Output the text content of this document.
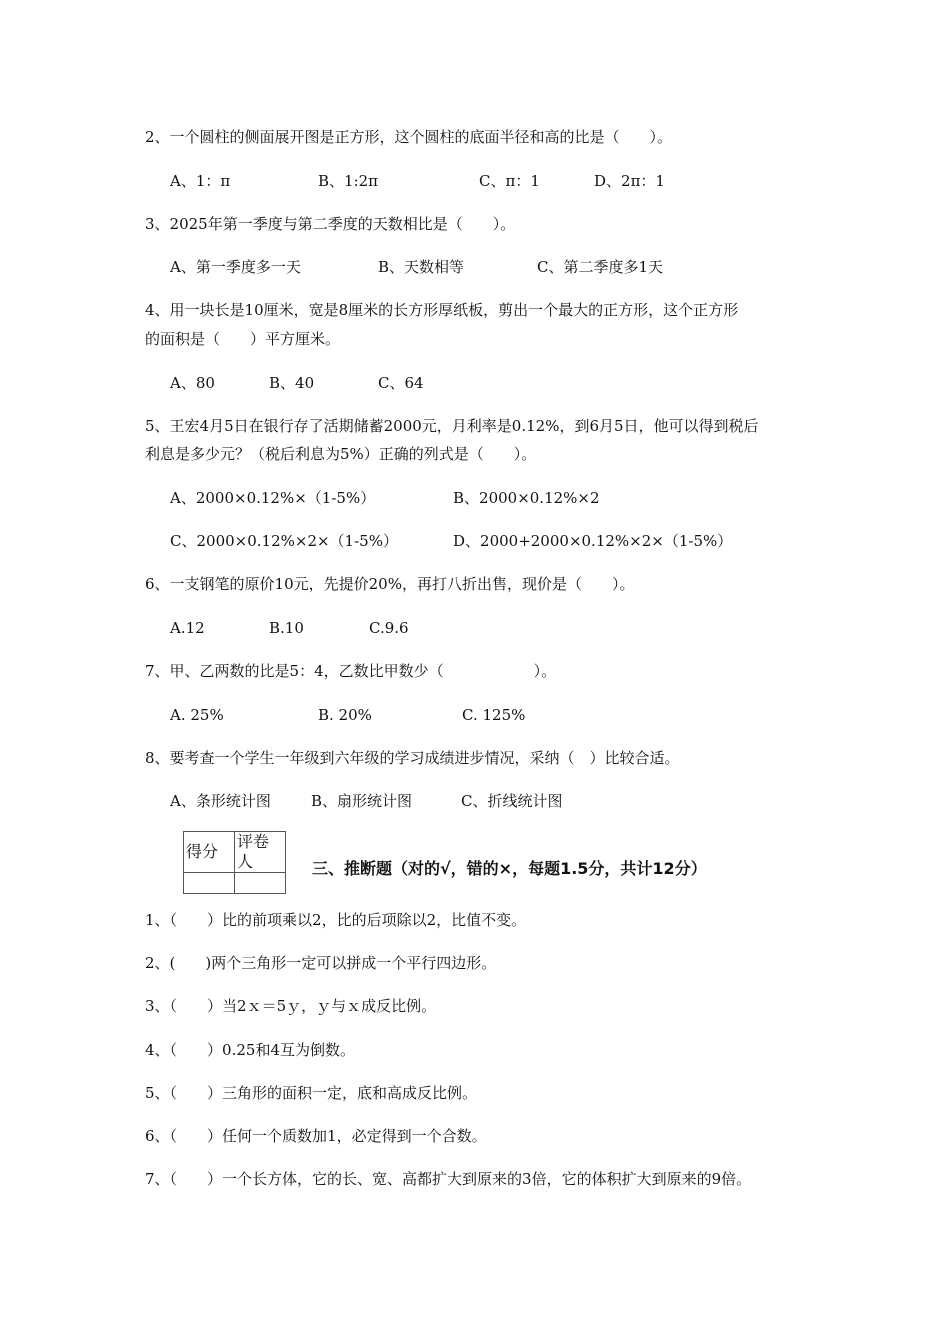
2、一个圆柱的侧面展开图是正方形，这个圆柱的底面半径和高的比是（　　）。
A、1：π	B、1:2π	C、π：1	D、2π：1
3、2025年第一季度与第二季度的天数相比是（　　）。
A、第一季度多一天	B、天数相等	C、第二季度多1天
4、用一块长是10厘米，宽是8厘米的长方形厚纸板，剪出一个最大的正方形，这个正方形
的面积是（　　）平方厘米。
A、80	B、40	C、64
5、王宏4月5日在银行存了活期储蓄2000元，月利率是0.12%，到6月5日，他可以得到税后
利息是多少元？（税后利息为5%）正确的列式是（　　）。
A、2000×0.12%×（1-5%）	B、2000×0.12%×2
C、2000×0.12%×2×（1-5%）	D、2000+2000×0.12%×2×（1-5%）
6、一支钢笔的原价10元，先提价20%，再打八折出售，现价是（　　）。
A.12	B.10	C.9.6
7、甲、乙两数的比是5：4，乙数比甲数少（　　　　　　）。
A. 25%	B. 20%	C. 125%
8、要考查一个学生一年级到六年级的学习成绩进步情况，采纳（　）比较合适。
A、条形统计图	B、扇形统计图	C、折线统计图
得分	评卷人
		三、推断题（对的√，错的×，每题1.5分，共计12分）
1、（　　）比的前项乘以2，比的后项除以2，比值不变。
2、(　　)两个三角形一定可以拼成一个平行四边形。
3、（　　）当2ｘ＝5ｙ，ｙ与ｘ成反比例。
4、（　　）0.25和4互为倒数。
5、（　　）三角形的面积一定，底和高成反比例。
6、（　　）任何一个质数加1，必定得到一个合数。
7、（　　）一个长方体，它的长、宽、高都扩大到原来的3倍，它的体积扩大到原来的9倍。
